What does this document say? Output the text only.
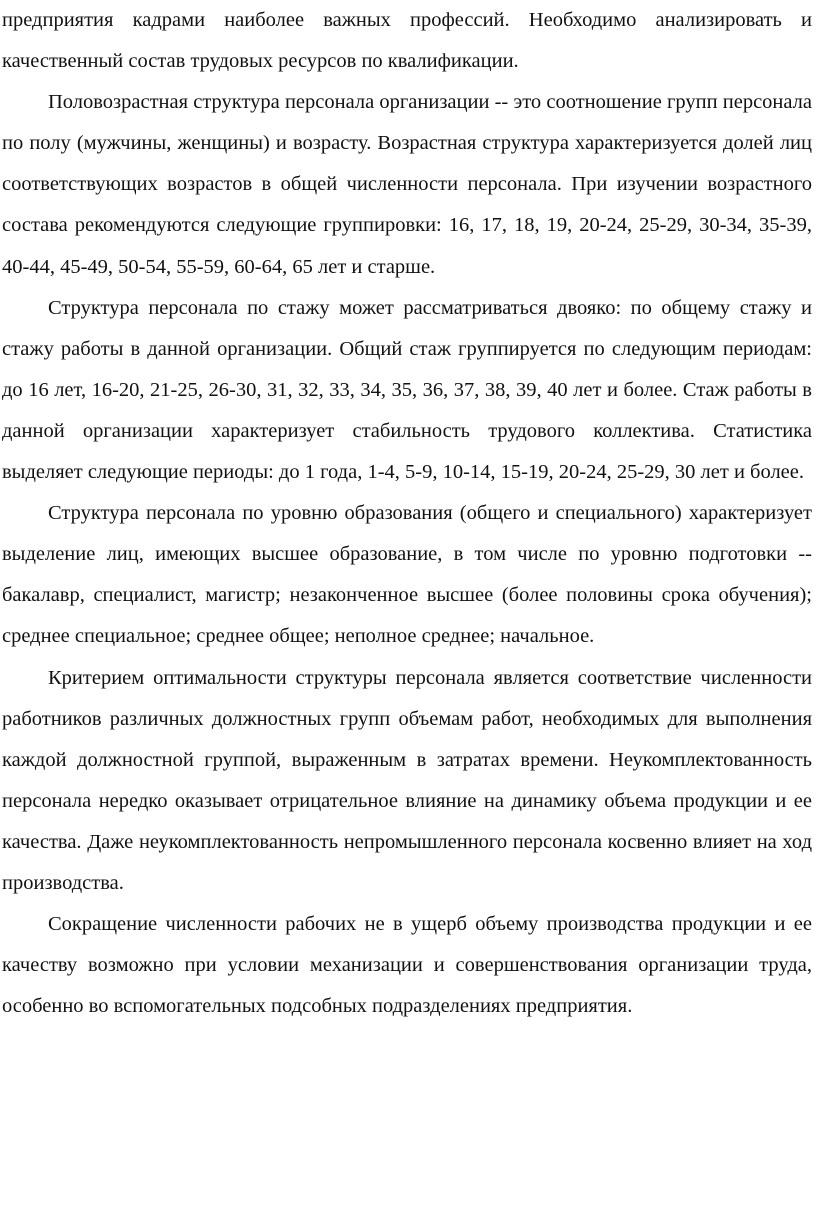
предприятия кадрами наиболее важных профессий. Необходимо анализировать и качественный состав трудовых ресурсов по квалификации.

Половозрастная структура персонала организации -- это соотношение групп персонала по полу (мужчины, женщины) и возрасту. Возрастная структура характеризуется долей лиц соответствующих возрастов в общей численности персонала. При изучении возрастного состава рекомендуются следующие группировки: 16, 17, 18, 19, 20-24, 25-29, 30-34, 35-39, 40-44, 45-49, 50-54, 55-59, 60-64, 65 лет и старше.

Структура персонала по стажу может рассматриваться двояко: по общему стажу и стажу работы в данной организации. Общий стаж группируется по следующим периодам: до 16 лет, 16-20, 21-25, 26-30, 31, 32, 33, 34, 35, 36, 37, 38, 39, 40 лет и более. Стаж работы в данной организации характеризует стабильность трудового коллектива. Статистика выделяет следующие периоды: до 1 года, 1-4, 5-9, 10-14, 15-19, 20-24, 25-29, 30 лет и более.

Структура персонала по уровню образования (общего и специального) характеризует выделение лиц, имеющих высшее образование, в том числе по уровню подготовки -- бакалавр, специалист, магистр; незаконченное высшее (более половины срока обучения); среднее специальное; среднее общее; неполное среднее; начальное.

Критерием оптимальности структуры персонала является соответствие численности работников различных должностных групп объемам работ, необходимых для выполнения каждой должностной группой, выраженным в затратах времени. Неукомплектованность персонала нередко оказывает отрицательное влияние на динамику объема продукции и ее качества. Даже неукомплектованность непромышленного персонала косвенно влияет на ход производства.

Сокращение численности рабочих не в ущерб объему производства продукции и ее качеству возможно при условии механизации и совершенствования организации труда, особенно во вспомогательных подсобных подразделениях предприятия.
